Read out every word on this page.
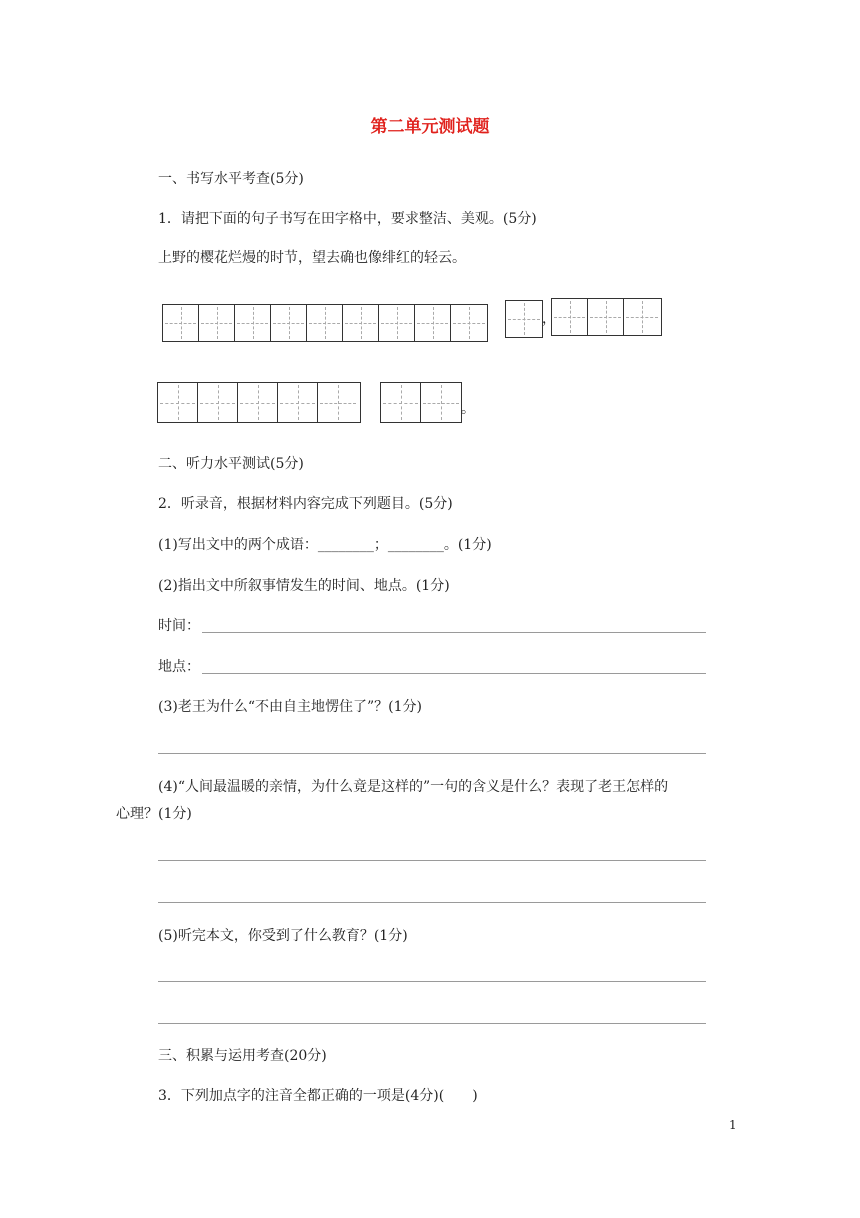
第二单元测试题
一、书写水平考查(5分)
1．请把下面的句子书写在田字格中，要求整洁、美观。(5分)
上野的樱花烂熳的时节，望去确也像绯红的轻云。
，
。
二、听力水平测试(5分)
2．听录音，根据材料内容完成下列题目。(5分)
(1)写出文中的两个成语：________；________。(1分)
(2)指出文中所叙事情发生的时间、地点。(1分)
时间：
地点：
(3)老王为什么“不由自主地愣住了”？(1分)
(4)“人间最温暖的亲情，为什么竟是这样的”一句的含义是什么？表现了老王怎样的
心理？(1分)
(5)听完本文，你受到了什么教育？(1分)
三、积累与运用考查(20分)
3．下列加点字的注音全都正确的一项是(4分)(　　)
1
